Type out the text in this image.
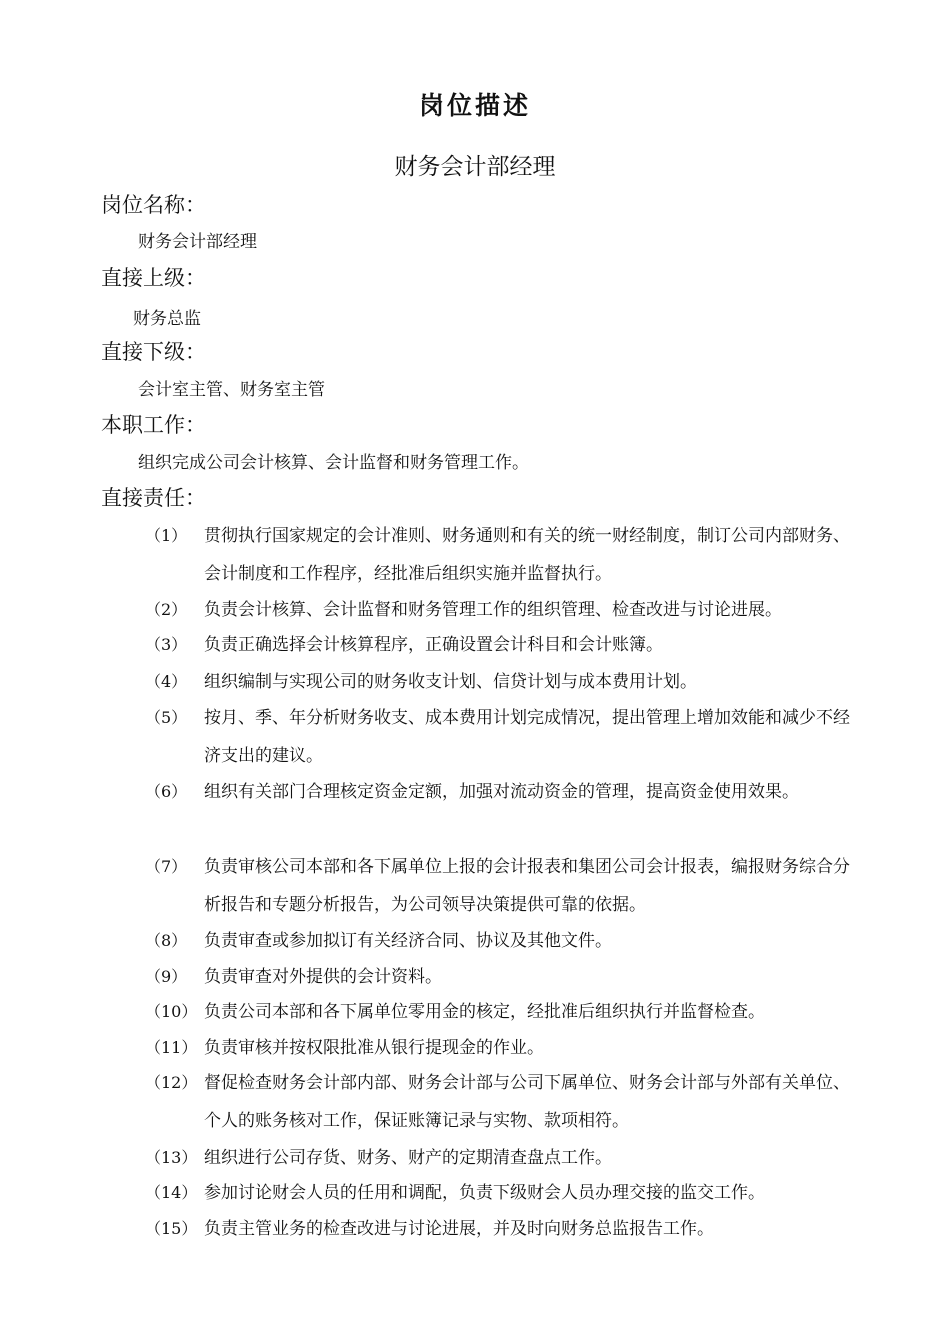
岗位描述
财务会计部经理
岗位名称：
财务会计部经理
直接上级：
财务总监
直接下级：
会计室主管、财务室主管
本职工作：
组织完成公司会计核算、会计监督和财务管理工作。
直接责任：
（1） 贯彻执行国家规定的会计准则、财务通则和有关的统一财经制度，制订公司内部财务、会计制度和工作程序，经批准后组织实施并监督执行。
（2） 负责会计核算、会计监督和财务管理工作的组织管理、检查改进与讨论进展。
（3） 负责正确选择会计核算程序，正确设置会计科目和会计账簿。
（4） 组织编制与实现公司的财务收支计划、信贷计划与成本费用计划。
（5） 按月、季、年分析财务收支、成本费用计划完成情况，提出管理上增加效能和减少不经济支出的建议。
（6） 组织有关部门合理核定资金定额，加强对流动资金的管理，提高资金使用效果。
（7） 负责审核公司本部和各下属单位上报的会计报表和集团公司会计报表，编报财务综合分析报告和专题分析报告，为公司领导决策提供可靠的依据。
（8） 负责审查或参加拟订有关经济合同、协议及其他文件。
（9） 负责审查对外提供的会计资料。
（10） 负责公司本部和各下属单位零用金的核定，经批准后组织执行并监督检查。
（11） 负责审核并按权限批准从银行提现金的作业。
（12） 督促检查财务会计部内部、财务会计部与公司下属单位、财务会计部与外部有关单位、个人的账务核对工作，保证账簿记录与实物、款项相符。
（13） 组织进行公司存货、财务、财产的定期清查盘点工作。
（14） 参加讨论财会人员的任用和调配，负责下级财会人员办理交接的监交工作。
（15） 负责主管业务的检查改进与讨论进展，并及时向财务总监报告工作。
